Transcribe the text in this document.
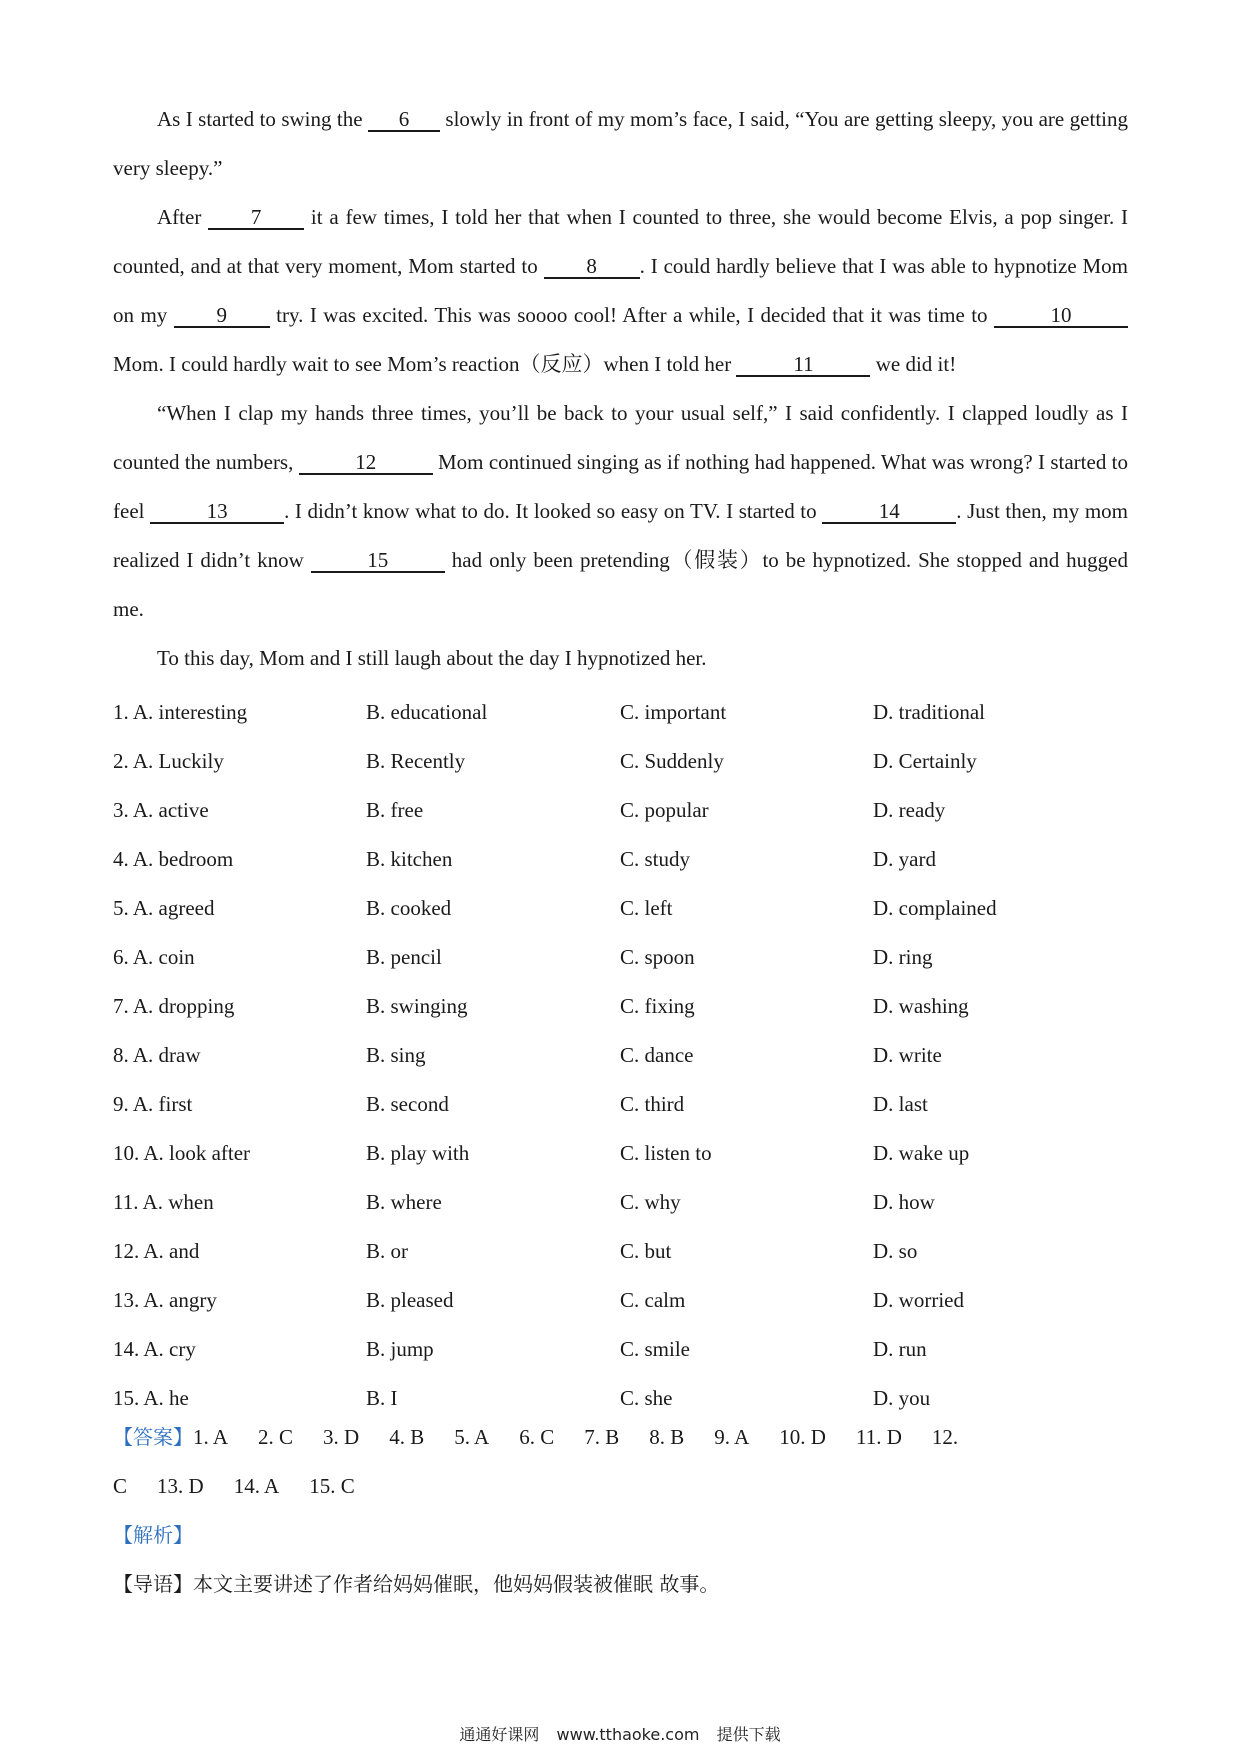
As I started to swing the 6 slowly in front of my mom’s face, I said, “You are getting sleepy, you are getting very sleepy.”

After 7 it a few times, I told her that when I counted to three, she would become Elvis, a pop singer. I counted, and at that very moment, Mom started to 8 . I could hardly believe that I was able to hypnotize Mom on my 9 try. I was excited. This was soooo cool! After a while, I decided that it was time to	10 Mom. I could hardly wait to see Mom’s reaction（反应）when I told her	11	we did it!

“When I clap my hands three times, you’ll be back to your usual self,” I said confidently. I clapped loudly as I counted the numbers,	12	Mom continued singing as if nothing had happened. What was wrong? I started to feel	13	. I didn’t know what to do. It looked so easy on TV. I started to	14	. Just then, my mom realized I didn’t know	15	had only been pretending（假装）to be hypnotized. She stopped and hugged me.

To this day, Mom and I still laugh about the day I hypnotized her.

1. A. interesting	B. educational	C. important	D. traditional
2. A. Luckily	B. Recently	C. Suddenly	D. Certainly
3. A. active	B. free	C. popular	D. ready
4. A. bedroom	B. kitchen	C. study	D. yard
5. A. agreed	B. cooked	C. left	D. complained
6. A. coin	B. pencil	C. spoon	D. ring
7. A. dropping	B. swinging	C. fixing	D. washing
8. A. draw	B. sing	C. dance	D. write
9. A. first	B. second	C. third	D. last
10. A. look after	B. play with	C. listen to	D. wake up
11. A. when	B. where	C. why	D. how
12. A. and	B. or	C. but	D. so
13. A. angry	B. pleased	C. calm	D. worried
14. A. cry	B. jump	C. smile	D. run
15. A. he	B. I	C. she	D. you
【答案】1. A 2. C 3. D 4. B 5. A 6. C 7. B 8. B 9. A 10. D 11. D 12.
C 13. D 14. A 15. C
【解析】
【导语】本文主要讲述了作者给妈妈催眠，他妈妈假装被催眠 故事。
通通好课网 www.tthaoke.com 提供下载
